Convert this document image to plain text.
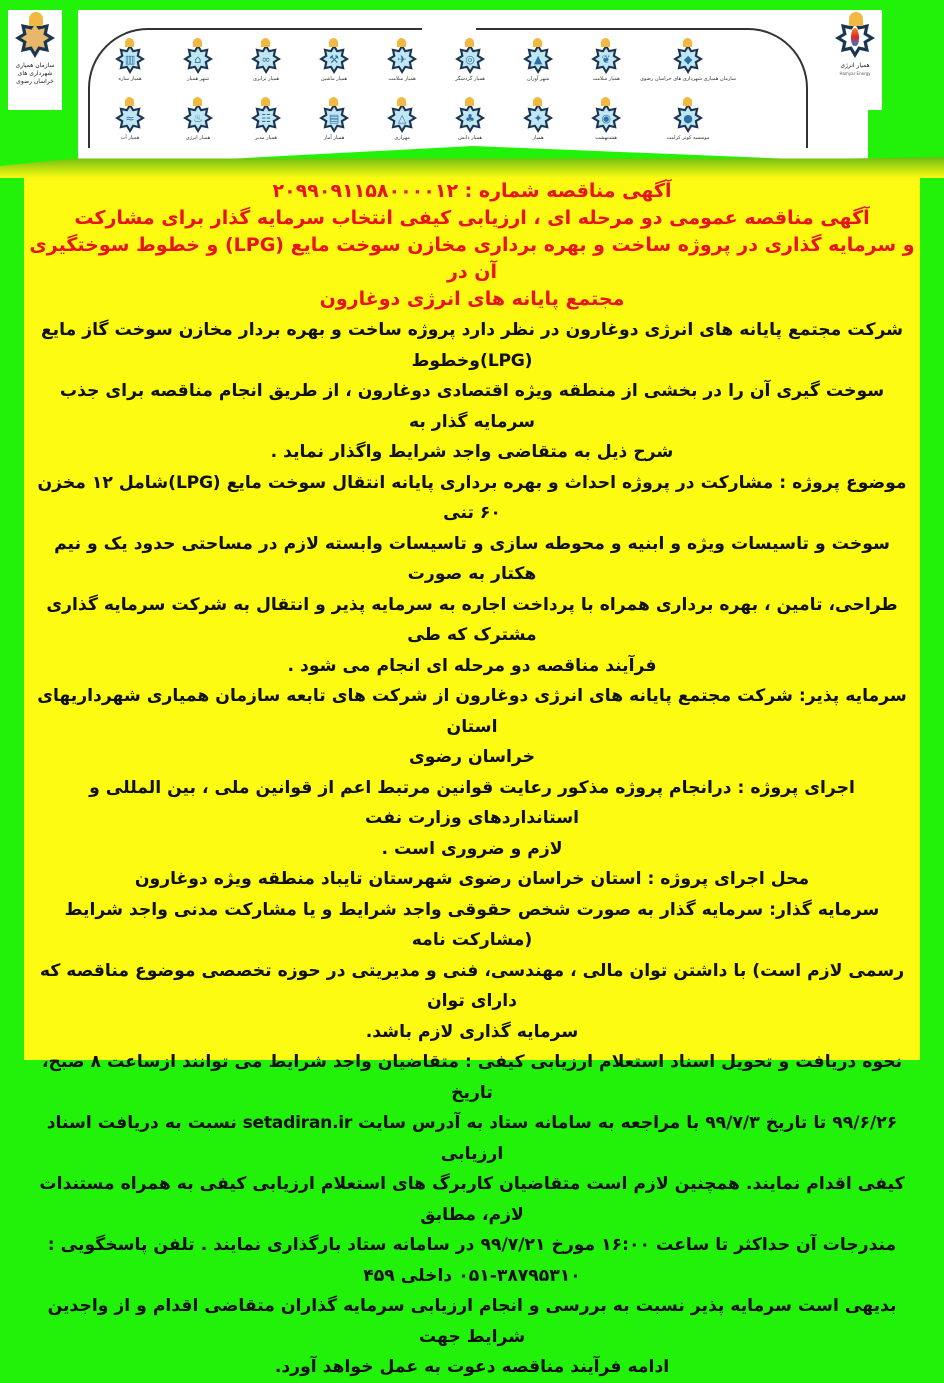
سازمان همیاری شهرداری های خراسان رضوی
همیار انرژی
Hamyar Energy
◆
سازمان همیاری شهرداری های خراسان رضوی
❦
همیار سلامت
▲
شهر آوران
◎
همیار گردشگر
✈
همیار سلامت
⚒
همیار ماشین
∞
همیار ترابری
⌂
شهر همیار
▥
همیار سازه
●
موسسه کوثر کرامت
◉
هشتبهشت
✦
همیار
♣
همیار دانش
△
مهرازی
▤
همیار آمار
☷
همیار مدیر
♨
همیار انرژی
≈
همیار آب
آگهی مناقصه شماره : ۲۰۹۹۰۹۱۱۵۸۰۰۰۰۱۲
آگهی مناقصه عمومی دو مرحله ای ، ارزیابی کیفی انتخاب سرمایه گذار برای مشارکت
و سرمایه گذاری در پروژه ساخت و بهره برداری مخازن سوخت مایع (LPG) و خطوط سوختگیری آن در
مجتمع پایانه های انرژی دوغارون
شرکت مجتمع پایانه های انرژی دوغارون در نظر دارد پروژه ساخت و بهره بردار مخازن سوخت گاز مایع (LPG)وخطوط
سوخت گیری آن را در بخشی از منطقه ویژه اقتصادی دوغارون ، از طریق انجام مناقصه برای جذب سرمایه گذار به
شرح ذیل به متقاضی واجد شرایط واگذار نماید .
موضوع پروژه : مشارکت در پروژه احداث و بهره برداری پایانه انتقال سوخت مایع (LPG)شامل ۱۲ مخزن ۶۰ تنی
سوخت و تاسیسات ویژه و ابنیه و محوطه سازی و تاسیسات وابسته لازم در مساحتی حدود یک و نیم هکتار به صورت
طراحی، تامین ، بهره برداری همراه با پرداخت اجاره به سرمایه پذیر و انتقال به شرکت سرمایه گذاری مشترک که طی
فرآیند مناقصه دو مرحله ای انجام می شود .
سرمایه پذیر: شرکت مجتمع پایانه های انرژی دوغارون از شرکت های تابعه سازمان همیاری شهرداریهای استان
خراسان رضوی
اجرای پروژه : درانجام پروژه مذکور رعایت قوانین مرتبط اعم از قوانین ملی ، بین المللی و استانداردهای وزارت نفت
لازم و ضروری است .
محل اجرای پروژه : استان خراسان رضوی شهرستان تایباد منطقه ویژه دوغارون
سرمایه گذار: سرمایه گذار به صورت شخص حقوقی واجد شرایط و یا مشارکت مدنی واجد شرایط (مشارکت نامه
رسمی لازم است) با داشتن توان مالی ، مهندسی، فنی و مدیریتی در حوزه تخصصی موضوع مناقصه که دارای توان
سرمایه گذاری لازم باشد.
نحوه دریافت و تحویل اسناد استعلام ارزیابی کیفی : متقاضیان واجد شرایط می توانند ازساعت ۸ صبح، تاریخ
۹۹/۶/۲۶ تا تاریخ ۹۹/۷/۳ با مراجعه به سامانه ستاد به آدرس سایت setadiran.ir نسبت به دریافت اسناد ارزیابی
کیفی اقدام نمایند. همچنین لازم است متقاضیان کاربرگ های استعلام ارزیابی کیفی به همراه مستندات لازم، مطابق
مندرجات آن حداکثر تا ساعت ۱۶:۰۰ مورخ ۹۹/۷/۲۱ در سامانه ستاد بارگذاری نمایند . تلفن پاسخگویی :
۰۵۱-۳۸۷۹۵۳۱۰ داخلی ۴۵۹
بدیهی است سرمایه پذیر نسبت به بررسی و انجام ارزیابی سرمایه گذاران متقاضی اقدام و از واجدین شرایط جهت
ادامه فرآیند مناقصه دعوت به عمل خواهد آورد.
